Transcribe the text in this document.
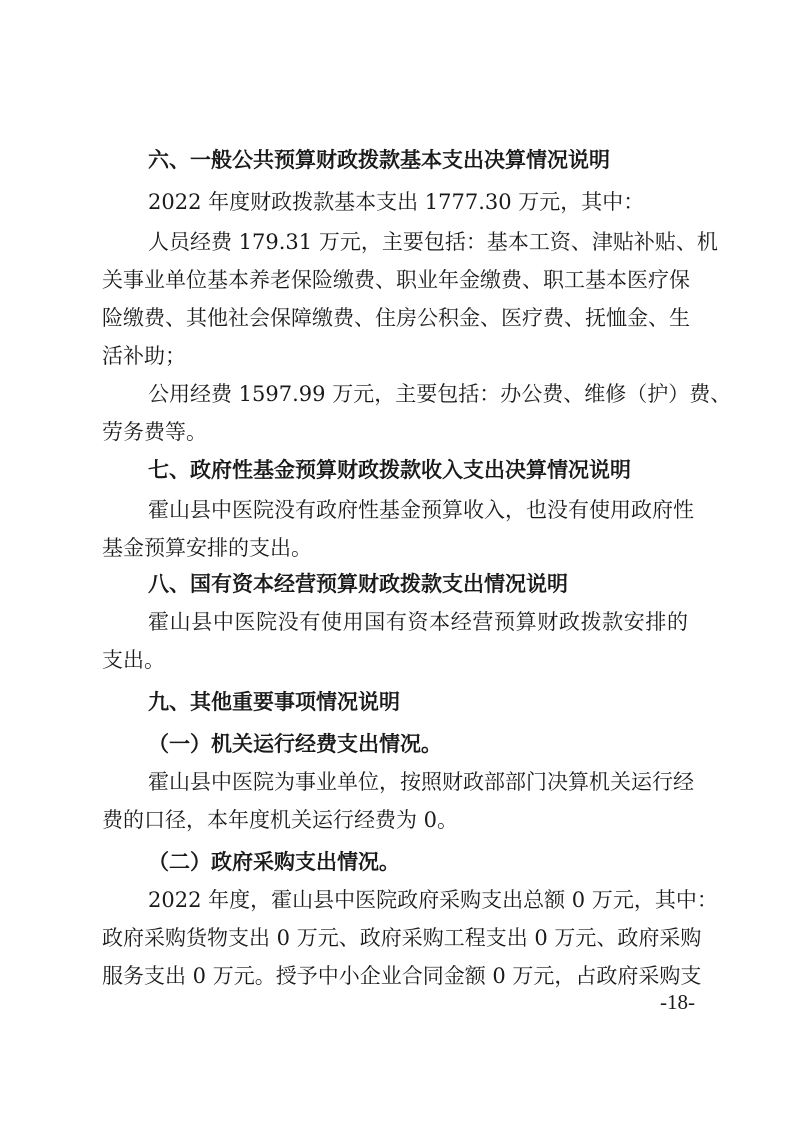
六、一般公共预算财政拨款基本支出决算情况说明
2022 年度财政拨款基本支出 1777.30 万元，其中：
人员经费 179.31 万元，主要包括：基本工资、津贴补贴、机
关事业单位基本养老保险缴费、职业年金缴费、职工基本医疗保
险缴费、其他社会保障缴费、住房公积金、医疗费、抚恤金、生
活补助；
公用经费 1597.99 万元，主要包括：办公费、维修（护）费、
劳务费等。
七、政府性基金预算财政拨款收入支出决算情况说明
霍山县中医院没有政府性基金预算收入，也没有使用政府性
基金预算安排的支出。
八、国有资本经营预算财政拨款支出情况说明
霍山县中医院没有使用国有资本经营预算财政拨款安排的
支出。
九、其他重要事项情况说明
（一）机关运行经费支出情况。
霍山县中医院为事业单位，按照财政部部门决算机关运行经
费的口径，本年度机关运行经费为 0。
（二）政府采购支出情况。
2022 年度，霍山县中医院政府采购支出总额 0 万元，其中：
政府采购货物支出 0 万元、政府采购工程支出 0 万元、政府采购
服务支出 0 万元。授予中小企业合同金额 0 万元，占政府采购支
-18-
